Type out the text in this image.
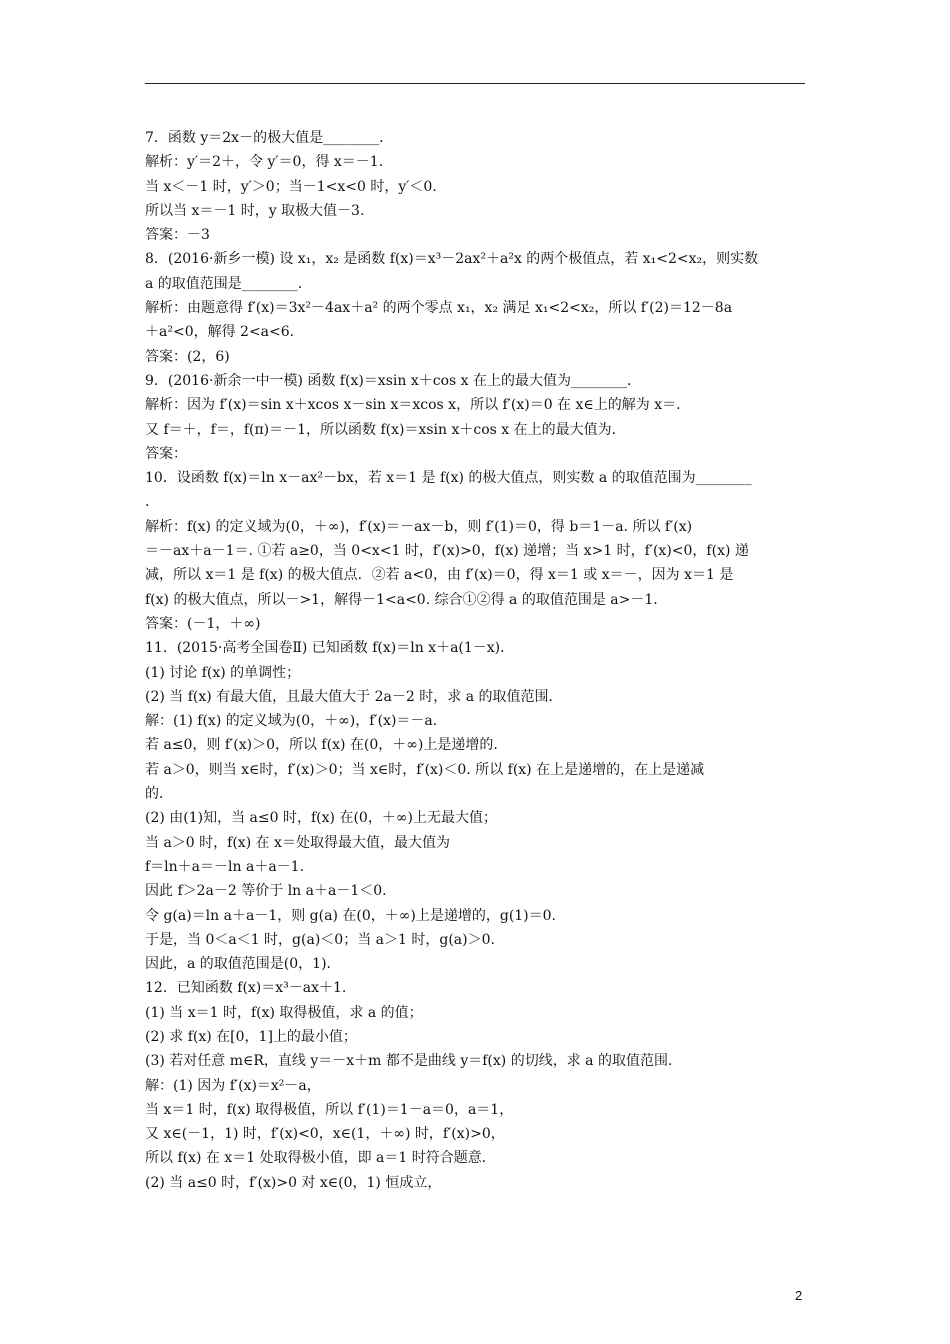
7．函数 y＝2x－的极大值是________．
解析：y′＝2＋，令 y′＝0，得 x＝－1.
当 x＜－1 时，y′＞0；当－1<x<0 时，y′＜0.
所以当 x＝－1 时，y 取极大值－3.
答案：－3
8．(2016·新乡一模) 设 x₁，x₂ 是函数 f(x)＝x³－2ax²＋a²x 的两个极值点，若 x₁<2<x₂，则实数
a 的取值范围是________．
解析：由题意得 f′(x)＝3x²－4ax＋a² 的两个零点 x₁，x₂ 满足 x₁<2<x₂，所以 f′(2)＝12－8a
＋a²<0，解得 2<a<6.
答案：(2，6)
9．(2016·新余一中一模) 函数 f(x)＝xsin x＋cos x 在上的最大值为________．
解析：因为 f′(x)＝sin x＋xcos x－sin x＝xcos x，所以 f′(x)＝0 在 x∈上的解为 x＝.
又 f＝＋，f＝，f(π)＝－1，所以函数 f(x)＝xsin x＋cos x 在上的最大值为.
答案：
10．设函数 f(x)＝ln x－ax²－bx，若 x＝1 是 f(x) 的极大值点，则实数 a 的取值范围为________
．
解析：f(x) 的定义域为(0，＋∞)，f′(x)＝－ax－b，则 f′(1)＝0，得 b＝1－a. 所以 f′(x)
＝－ax＋a－1＝. ①若 a≥0，当 0<x<1 时，f′(x)>0，f(x) 递增；当 x>1 时，f′(x)<0，f(x) 递
减，所以 x＝1 是 f(x) 的极大值点．②若 a<0，由 f′(x)＝0，得 x＝1 或 x＝－，因为 x＝1 是
f(x) 的极大值点，所以－>1，解得－1<a<0. 综合①②得 a 的取值范围是 a>－1.
答案：(－1，＋∞)
11．(2015·高考全国卷Ⅱ) 已知函数 f(x)＝ln x＋a(1－x)．
(1) 讨论 f(x) 的单调性；
(2) 当 f(x) 有最大值，且最大值大于 2a－2 时，求 a 的取值范围．
解：(1) f(x) 的定义域为(0，＋∞)，f′(x)＝－a.
若 a≤0，则 f′(x)＞0，所以 f(x) 在(0，＋∞)上是递增的．
若 a＞0，则当 x∈时，f′(x)＞0；当 x∈时，f′(x)＜0. 所以 f(x) 在上是递增的，在上是递减
的．
(2) 由(1)知，当 a≤0 时，f(x) 在(0，＋∞)上无最大值；
当 a＞0 时，f(x) 在 x＝处取得最大值，最大值为
f＝ln＋a＝－ln a＋a－1.
因此 f＞2a－2 等价于 ln a＋a－1＜0.
令 g(a)＝ln a＋a－1，则 g(a) 在(0，＋∞)上是递增的，g(1)＝0.
于是，当 0＜a＜1 时，g(a)＜0；当 a＞1 时，g(a)＞0.
因此，a 的取值范围是(0，1)．
12．已知函数 f(x)＝x³－ax＋1.
(1) 当 x＝1 时，f(x) 取得极值，求 a 的值；
(2) 求 f(x) 在[0，1]上的最小值；
(3) 若对任意 m∈R，直线 y＝－x＋m 都不是曲线 y＝f(x) 的切线，求 a 的取值范围．
解：(1) 因为 f′(x)＝x²－a，
当 x＝1 时，f(x) 取得极值，所以 f′(1)＝1－a＝0，a＝1，
又 x∈(－1，1) 时，f′(x)<0，x∈(1，＋∞) 时，f′(x)>0，
所以 f(x) 在 x＝1 处取得极小值，即 a＝1 时符合题意．
(2) 当 a≤0 时，f′(x)>0 对 x∈(0，1) 恒成立，
2
